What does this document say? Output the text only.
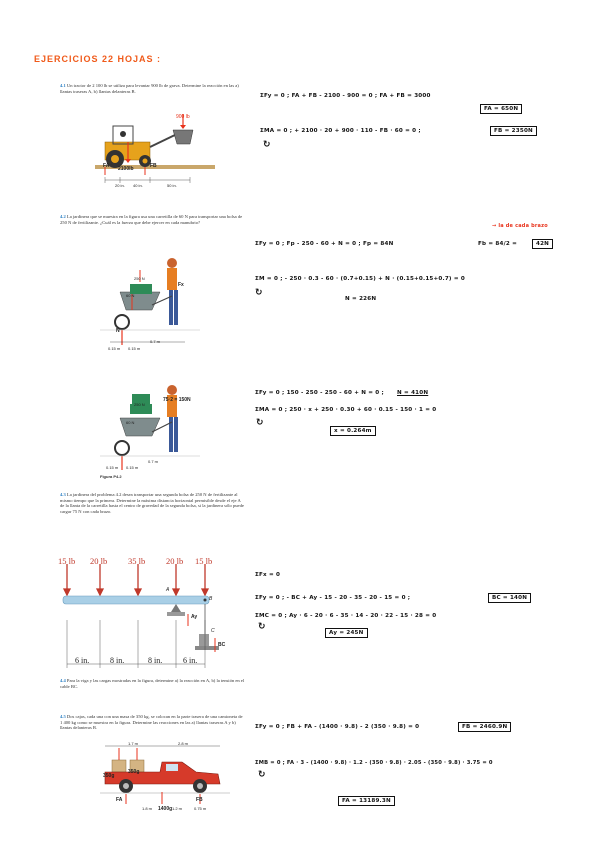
EJERCICIOS 22 HOJAS :
4.1 Un tractor de 2 100 lb se utiliza para levantar 900 lb de grava. Determine la reacción en las a) llantas traseras A, b) llantas delanteras B.
900 lb
FA 2100lb	FB
20 in. 40 in.	50 in.
ΣFy = 0 ; FA + FB - 2100 - 900 = 0 ; FA + FB = 3000
FA = 650N
ΣMA = 0 ; + 2100 · 20 + 900 · 110 - FB · 60 = 0 ;	FB = 2350N
↻
4.2 La jardinera que se muestra en la figura usa una carretilla de 60 N para transportar una bolsa de 250 N de fertilizante. ¿Cuál es la fuerza que debe ejercer en cada manubrio?
250 N
60 N
0.7 m
0.15 m 0.15 m
N
Fx
→ la de cada brazo
ΣFy = 0 ; Fp - 250 - 60 + N = 0 ; Fp = 84N	Fb = 84/2 =	42N
ΣM = 0 ; - 250 · 0.3 - 60 · (0.7+0.15) + N · (0.15+0.15+0.7) = 0
N = 226N
↻
75·2 = 150N
250 N
60 N
0.7 m
0.15 m 0.15 m
Figura P4.2
4.3 La jardinera del problema 4.2 desea transportar una segunda bolsa de 250 N de fertilizante al mismo tiempo que la primera. Determine la máxima distancia horizontal permisible desde el eje A de la llanta de la carretilla hasta el centro de gravedad de la segunda bolsa, si la jardinera sólo puede cargar 75 N con cada brazo.
ΣFy = 0 ; 150 - 250 - 250 - 60 + N = 0 ; N = 410N
ΣMA = 0 ; 250 · x + 250 · 0.30 + 60 · 0.15 - 150 · 1 = 0
x = 0.264m
↻
15 lb 20 lb 35 lb 20 lb 15 lb
A
B
C
Ay
BC
6 in.	8 in.	8 in.	6 in.
4.4 Para la viga y las cargas mostradas en la figura, determine a) la reacción en A, b) la tensión en el cable BC.
ΣFx = 0
ΣFy = 0 ; - BC + Ay - 15 - 20 - 35 - 20 - 15 = 0 ;	BC = 140N
ΣMC = 0 ; Ay · 6 - 20 · 6 - 35 · 14 - 20 · 22 - 15 · 28 = 0
Ay = 245N
↻
4.5 Dos cajas, cada una con una masa de 350 kg, se colocan en la parte trasera de una camioneta de 1 400 kg como se muestra en la figura. Determine las reacciones en las a) llantas traseras A y b) llantas delanteras B.
1.7 m	2.8 m
1.8 m	1.2 m	0.75 m
350g
350g
FA	FB
1400g
ΣFy = 0 ; FB + FA - (1400 · 9.8) - 2 (350 · 9.8) = 0	FB = 2460.9N
ΣMB = 0 ; FA · 3 - (1400 · 9.8) · 1.2 - (350 · 9.8) · 2.05 - (350 · 9.8) · 3.75 = 0
FA = 13189.3N
↻
